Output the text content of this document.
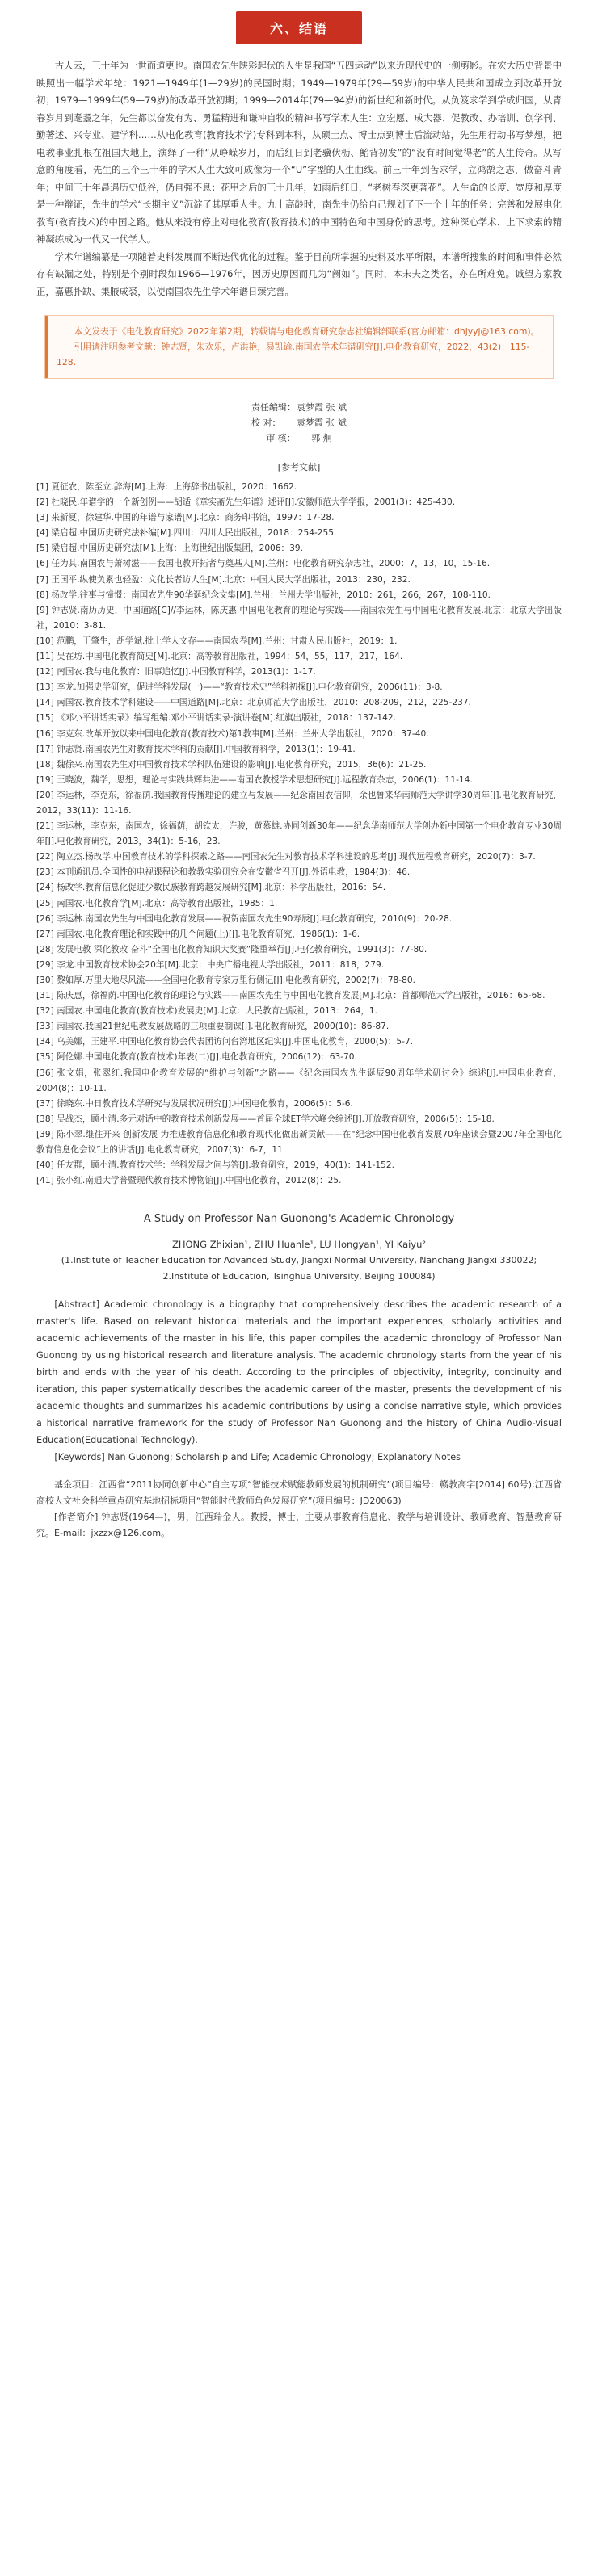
六、结语

古人云，三十年为一世而道更也。南国农先生陕彩起伏的人生是我国“五四运动”以来近现代史的一侧剪影。在宏大历史背景中映照出一幅学术年轮：1921—1949年(1—29岁)的民国时期；1949—1979年(29—59岁)的中华人民共和国成立到改革开放初；1979—1999年(59—79岁)的改革开放初期；1999—2014年(79—94岁)的新世纪和新时代。从负笈求学到学成归国，从青春岁月到耄耋之年，先生都以奋发有为、勇猛精进和谦冲自牧的精神书写学术人生：立宏愿、成大器、促教改、办培训、创学刊、勤著述、兴专业、建学科……从电化教育(教育技术学)专科到本科，从硕士点、博士点到博士后流动站，先生用行动书写梦想，把电教事业扎根在祖国大地上，演绎了一种“从峥嵘岁月，而后红日到老骥伏枥、鲐背初发”的“没有时间觉得老”的人生传奇。从写意的角度看，先生的三个三十年的学术人生大致可成像为一个“U”字型的人生曲线。前三十年到苦求学，立鸿鹄之志，做奋斗青年；中间三十年晨遇历史低谷，仍自强不息；花甲之后的三十几年，如雨后红日，“老树春深更著花”。人生命的长度、宽度和厚度是一种辩证，先生的学术“长期主义”沉淀了其厚重人生。九十高龄时，南先生仍给自己规划了下一个十年的任务：完善和发展电化教育(教育技术)的中国之路。他从来没有停止对电化教育(教育技术)的中国特色和中国身份的思考。这种深心学术、上下求索的精神凝练成为一代又一代学人。

学术年谱编纂是一项随着史料发展而不断迭代优化的过程。鉴于目前所掌握的史料及水平所限，本谱所搜集的时间和事件必然存有缺漏之处，特别是个别时段如1966—1976年，因历史原因而几为“阙如”。同时，本未夫之类名，亦在所难免。诚望方家教正，嘉惠扑缺、集腋成裘，以使南国农先生学术年谱日臻完善。

本文发表于《电化教育研究》2022年第2期，转载请与电化教育研究杂志社编辑部联系(官方邮箱：dhjyyj@163.com)。

引用请注明参考文献：钟志贤，朱欢乐，卢洪艳，易凯谕.南国农学术年谱研究[J].电化教育研究，2022，43(2)：115-128.

责任编辑：袁梦霞 张 斌
校 对： 袁梦霞 张 斌
审 核： 郭 炯
[参考文献]

[1] 夏征农，陈至立.辞海[M].上海：上海辞书出版社，2020：1662.

[2] 杜晓民.年谱学的一个新创例——胡适《章实斋先生年谱》述评[J].安徽师范大学学报，2001(3)：425-430.

[3] 来新夏，徐建华.中国的年谱与家谱[M].北京：商务印书馆，1997：17-28.

[4] 梁启超.中国历史研究法补编[M].四川：四川人民出版社，2018：254-255.

[5] 梁启超.中国历史研究法[M].上海：上海世纪出版集团，2006：39.

[6] 任为其.南国农与萧树滋——我国电教开拓者与奠基人[M].兰州：电化教育研究杂志社，2000：7，13，10，15-16.

[7] 王国平.纵使负累也轻盈：文化长者访人生[M].北京：中国人民大学出版社，2013：230，232.

[8] 杨改学.往事与憧憬：南国农先生90华诞纪念文集[M].兰州：兰州大学出版社，2010：261，266，267，108-110.

[9] 钟志贤.南历历史，中国道路[C]//李运林，陈庆惠.中国电化教育的理论与实践——南国农先生与中国电化教育发展.北京：北京大学出版社，2010：3-81.

[10] 范鹏，王肇生，胡学斌.批上学人文存——南国农卷[M].兰州：甘肃人民出版社，2019：1.

[11] 吴在坊.中国电化教育简史[M].北京：高等教育出版社，1994：54，55，117，217，164.

[12] 南国农.我与电化教育：旧事追忆[J].中国教育科学，2013(1)：1-17.

[13] 李龙.加强史学研究，促进学科发展(一)——“教育技术史”学科初探[J].电化教育研究，2006(11)：3-8.

[14] 南国农.教育技术学科建设——中国道路[M].北京：北京师范大学出版社，2010：208-209，212，225-237.

[15] 《邓小平讲话实录》编写组编.邓小平讲话实录·演讲卷[M].红旗出版社，2018：137-142.

[16] 李克东.改革开放以来中国电化教育(教育技术)第1教事[M].兰州：兰州大学出版社，2020：37-40.

[17] 钟志贤.南国农先生对教育技术学科的贡献[J].中国教育科学，2013(1)：19-41.

[18] 魏徐来.南国农先生对中国教育技术学科队伍建设的影响[J].电化教育研究，2015，36(6)：21-25.

[19] 王晓波，魏学，思想，理论与实践共辉共进——南国农教授学术思想研究[J].远程教育杂志，2006(1)：11-14.

[20] 李运林，李克东，徐福荫.我国教育传播理论的建立与发展——纪念南国农信仰，余也鲁来华南师范大学讲学30周年[J].电化教育研究，2012，33(11)：11-16.

[21] 李运林，李克东，南国农，徐福荫，胡钦太，许骏，黄慕雄.协同创新30年——纪念华南师范大学创办新中国第一个电化教育专业30周年[J].电化教育研究，2013，34(1)：5-16，23.

[22] 陶立杰.杨改学.中国教育技术的学科探索之路——南国农先生对教育技术学科建设的思考[J].现代远程教育研究，2020(7)：3-7.

[23] 本刊通讯员.全国性的电视课程论和教教实验研究会在安徽省召开[J].外语电教，1984(3)：46.

[24] 杨改学.教育信息化促进少数民族教育跨越发展研究[M].北京：科学出版社，2016：54.

[25] 南国农.电化教育学[M].北京：高等教育出版社，1985：1.

[26] 李运林.南国农先生与中国电化教育发展——祝贺南国农先生90寿辰[J].电化教育研究，2010(9)：20-28.

[27] 南国农.电化教育理论和实践中的几个问题(上)[J].电化教育研究，1986(1)：1-6.

[28] 发展电教 深化教改 奋斗“全国电化教育知识大奖赛”隆重举行[J].电化教育研究，1991(3)：77-80.

[29] 李龙.中国教育技术协会20年[M].北京：中央广播电视大学出版社，2011：818，279.

[30] 黎如厚.万里大地尽风流——全国电化教育专家万里行侧记[J].电化教育研究，2002(7)：78-80.

[31] 陈庆惠，徐福荫.中国电化教育的理论与实践——南国农先生与中国电化教育发展[M].北京：首都师范大学出版社，2016：65-68.

[32] 南国农.中国电化教育(教育技术)发展史[M].北京：人民教育出版社，2013：264，1.

[33] 南国农.我国21世纪电教发展战略的三项重要制课[J].电化教育研究，2000(10)：86-87.

[34] 乌美娜，王建平.中国电化教育协会代表团访问台湾地区纪实[J].中国电化教育，2000(5)：5-7.

[35] 阿伦娜.中国电化教育(教育技术)年表(二)[J].电化教育研究，2006(12)：63-70.

[36] 张文娟，张翠红.我国电化教育发展的“维护与创新”之路——《纪念南国农先生诞辰90周年学术研讨会》综述[J].中国电化教育，2004(8)：10-11.

[37] 徐晓东.中日教育技术学研究与发展状况研究[J].中国电化教育，2006(5)：5-6.

[38] 吴战杰，顾小清.多元对话中的教育技术创新发展——首届全球ET学术峰会综述[J].开放教育研究，2006(5)：15-18.

[39] 陈小翠.继往开来 创新发展 为推进教育信息化和教育现代化做出新贡献——在“纪念中国电化教育发展70年座谈会暨2007年全国电化教育信息化会议”上的讲话[J].电化教育研究，2007(3)：6-7，11.

[40] 任友群，顾小清.教育技术学：学科发展之问与答[J].教育研究，2019，40(1)：141-152.

[41] 张小红.南通大学普暨现代教育技术博物馆[J].中国电化教育，2012(8)：25.

A Study on Professor Nan Guonong's Academic Chronology
ZHONG Zhixian¹, ZHU Huanle¹, LU Hongyan¹, YI Kaiyu²
(1.Institute of Teacher Education for Advanced Study, Jiangxi Normal University, Nanchang Jiangxi 330022;
2.Institute of Education, Tsinghua University, Beijing 100084)

[Abstract] Academic chronology is a biography that comprehensively describes the academic research of a master's life. Based on relevant historical materials and the important experiences, scholarly activities and academic achievements of the master in his life, this paper compiles the academic chronology of Professor Nan Guonong by using historical research and literature analysis. The academic chronology starts from the year of his birth and ends with the year of his death. According to the principles of objectivity, integrity, continuity and iteration, this paper systematically describes the academic career of the master, presents the development of his academic thoughts and summarizes his academic contributions by using a concise narrative style, which provides a historical narrative framework for the study of Professor Nan Guonong and the history of China Audio-visual Education(Educational Technology).

[Keywords] Nan Guonong; Scholarship and Life; Academic Chronology; Explanatory Notes

基金项目：江西省“2011协同创新中心”自主专项“智能技术赋能教师发展的机制研究”(项目编号：赣教高字[2014] 60号);江西省高校人文社会科学重点研究基地招标项目“智能时代教师角色发展研究”(项目编号：JD20063)

[作者简介] 钟志贤(1964—)，男，江西瑞金人。教授，博士，主要从事教育信息化、教学与培训设计、教师教育、智慧教育研究。E-mail：jxzzx@126.com。
